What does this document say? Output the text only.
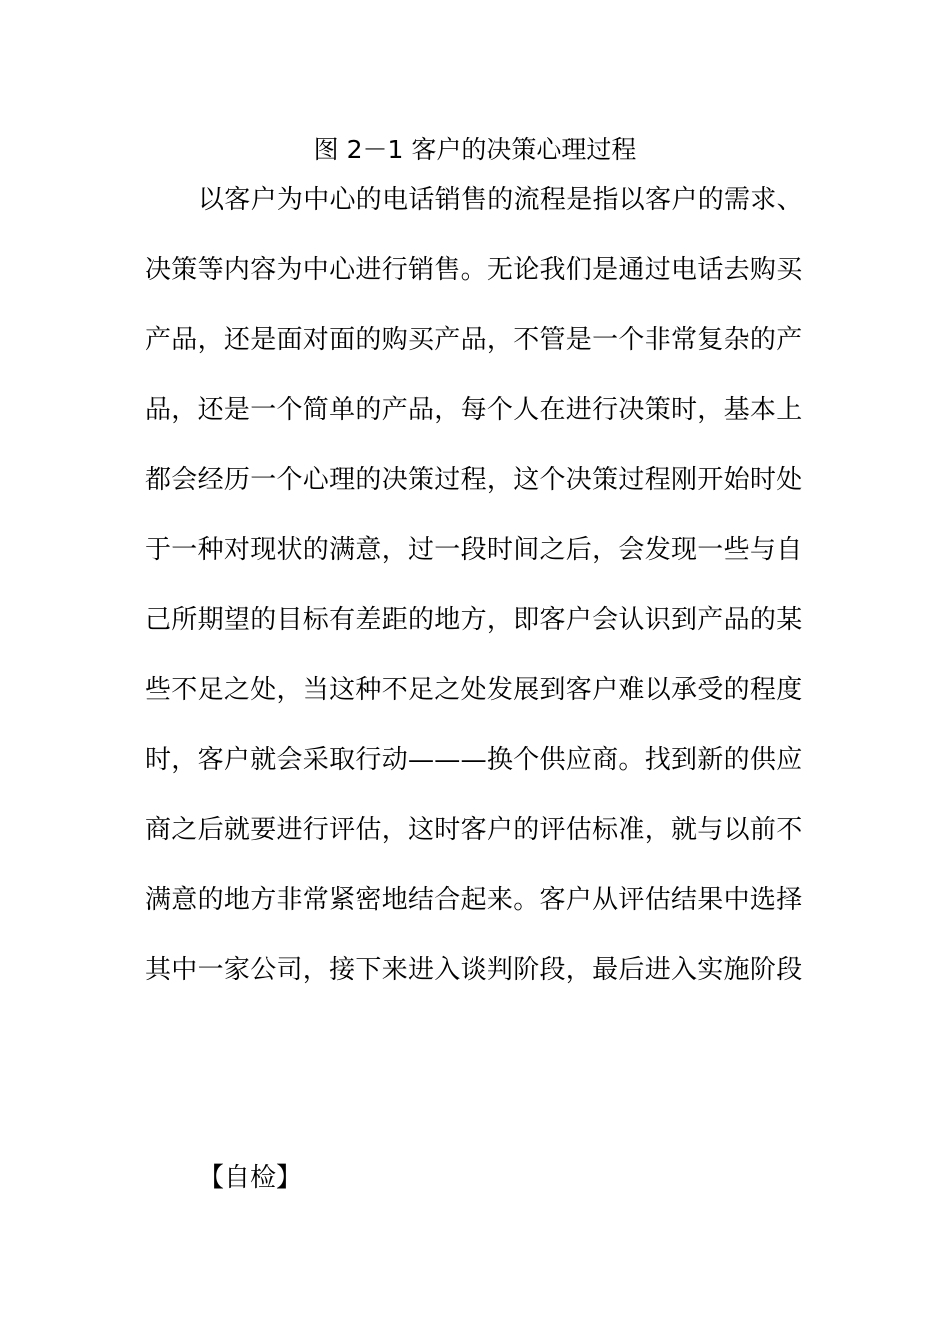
图 2－1 客户的决策心理过程
以客户为中心的电话销售的流程是指以客户的需求、
决策等内容为中心进行销售。无论我们是通过电话去购买
产品，还是面对面的购买产品，不管是一个非常复杂的产
品，还是一个简单的产品，每个人在进行决策时，基本上
都会经历一个心理的决策过程，这个决策过程刚开始时处
于一种对现状的满意，过一段时间之后，会发现一些与自
己所期望的目标有差距的地方，即客户会认识到产品的某
些不足之处，当这种不足之处发展到客户难以承受的程度
时，客户就会采取行动———换个供应商。找到新的供应
商之后就要进行评估，这时客户的评估标准，就与以前不
满意的地方非常紧密地结合起来。客户从评估结果中选择
其中一家公司，接下来进入谈判阶段，最后进入实施阶段
【自检】
